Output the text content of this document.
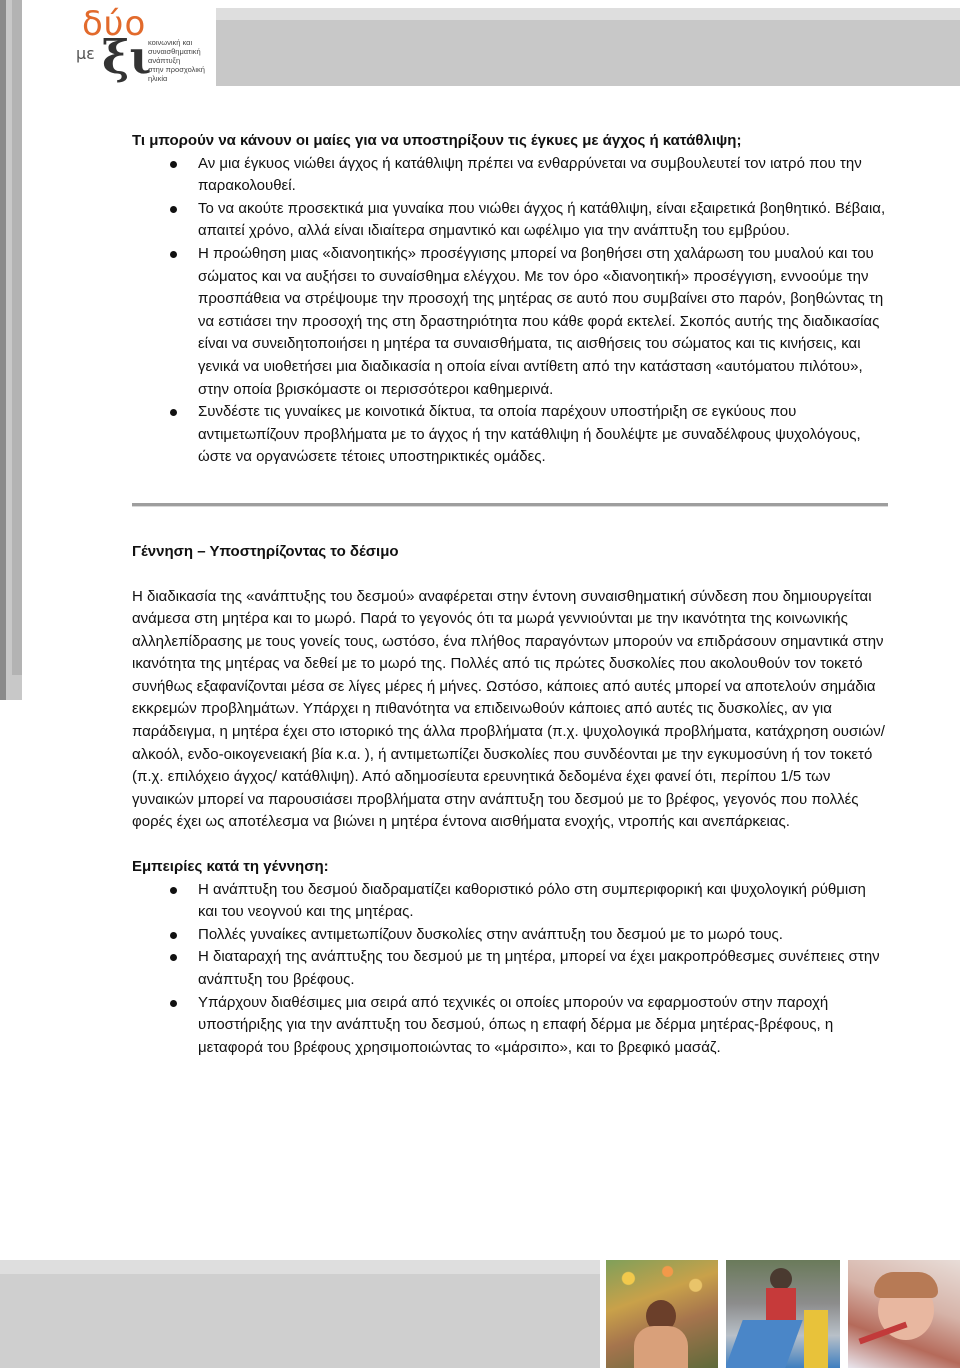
δύο
με ξι
κοινωνική και
συναισθηματική
ανάπτυξη
στην προσχολική
ηλικία

Τι μπορούν να κάνουν οι μαίες για να υποστηρίξουν τις έγκυες με άγχος ή κατάθλιψη;

Αν μια έγκυος νιώθει άγχος ή κατάθλιψη πρέπει να ενθαρρύνεται να συμβουλευτεί τον ιατρό που την παρακολουθεί.
Το να ακούτε προσεκτικά μια γυναίκα που νιώθει άγχος ή κατάθλιψη, είναι εξαιρετικά βοηθητικό. Βέβαια, απαιτεί χρόνο, αλλά είναι ιδιαίτερα σημαντικό και ωφέλιμο για την ανάπτυξη του εμβρύου.
Η προώθηση μιας «διανοητικής» προσέγγισης μπορεί να βοηθήσει στη χαλάρωση του μυαλού και του σώματος και να αυξήσει το συναίσθημα ελέγχου. Με τον όρο «διανοητική» προσέγγιση, εννοούμε την προσπάθεια να στρέψουμε την προσοχή της μητέρας σε αυτό που συμβαίνει στο παρόν, βοηθώντας τη να εστιάσει την προσοχή της στη δραστηριότητα που κάθε φορά εκτελεί. Σκοπός αυτής της διαδικασίας είναι να συνειδητοποιήσει η μητέρα τα συναισθήματα, τις αισθήσεις του σώματος και τις κινήσεις, και γενικά να υιοθετήσει μια διαδικασία η οποία είναι αντίθετη από την κατάσταση «αυτόματου πιλότου», στην οποία βρισκόμαστε οι περισσότεροι καθημερινά.
Συνδέστε τις γυναίκες με κοινοτικά δίκτυα, τα οποία παρέχουν υποστήριξη σε εγκύους που αντιμετωπίζουν προβλήματα με το άγχος ή την κατάθλιψη ή δουλέψτε με συναδέλφους ψυχολόγους, ώστε να οργανώσετε τέτοιες υποστηρικτικές ομάδες.

Γέννηση – Υποστηρίζοντας το δέσιμο

Η διαδικασία της «ανάπτυξης του δεσμού» αναφέρεται στην έντονη συναισθηματική σύνδεση που δημιουργείται ανάμεσα στη μητέρα και το μωρό. Παρά το γεγονός ότι τα μωρά γεννιούνται με την ικανότητα της κοινωνικής αλληλεπίδρασης με τους γονείς τους, ωστόσο, ένα πλήθος παραγόντων μπορούν να επιδράσουν σημαντικά στην ικανότητα της μητέρας να δεθεί με το μωρό της. Πολλές από τις πρώτες δυσκολίες που ακολουθούν τον τοκετό συνήθως εξαφανίζονται μέσα σε λίγες μέρες ή μήνες. Ωστόσο, κάποιες από αυτές μπορεί να αποτελούν σημάδια εκκρεμών προβλημάτων. Υπάρχει η πιθανότητα να επιδεινωθούν κάποιες από αυτές τις δυσκολίες, αν για παράδειγμα, η μητέρα έχει στο ιστορικό της άλλα προβλήματα (π.χ. ψυχολογικά προβλήματα, κατάχρηση ουσιών/αλκοόλ, ενδο-οικογενειακή βία κ.α. ), ή αντιμετωπίζει δυσκολίες που συνδέονται με την εγκυμοσύνη ή τον τοκετό (π.χ. επιλόχειο άγχος/ κατάθλιψη). Από αδημοσίευτα ερευνητικά δεδομένα έχει φανεί ότι, περίπου 1/5 των γυναικών μπορεί να παρουσιάσει προβλήματα στην ανάπτυξη του δεσμού με το βρέφος, γεγονός που πολλές φορές έχει ως αποτέλεσμα να βιώνει η μητέρα έντονα αισθήματα ενοχής, ντροπής και ανεπάρκειας.

Εμπειρίες κατά τη γέννηση:

Η ανάπτυξη του δεσμού διαδραματίζει καθοριστικό ρόλο στη συμπεριφορική και ψυχολογική ρύθμιση και του νεογνού και της μητέρας.
Πολλές γυναίκες αντιμετωπίζουν δυσκολίες στην ανάπτυξη του δεσμού με το μωρό τους.
Η διαταραχή της ανάπτυξης του δεσμού με τη μητέρα, μπορεί να έχει μακροπρόθεσμες συνέπειες στην ανάπτυξη του βρέφους.
Υπάρχουν διαθέσιμες μια σειρά από τεχνικές οι οποίες μπορούν να εφαρμοστούν στην παροχή υποστήριξης για την ανάπτυξη του δεσμού, όπως η επαφή δέρμα με δέρμα μητέρας-βρέφους, η μεταφορά του βρέφους χρησιμοποιώντας το «μάρσιπο», και το βρεφικό μασάζ.
